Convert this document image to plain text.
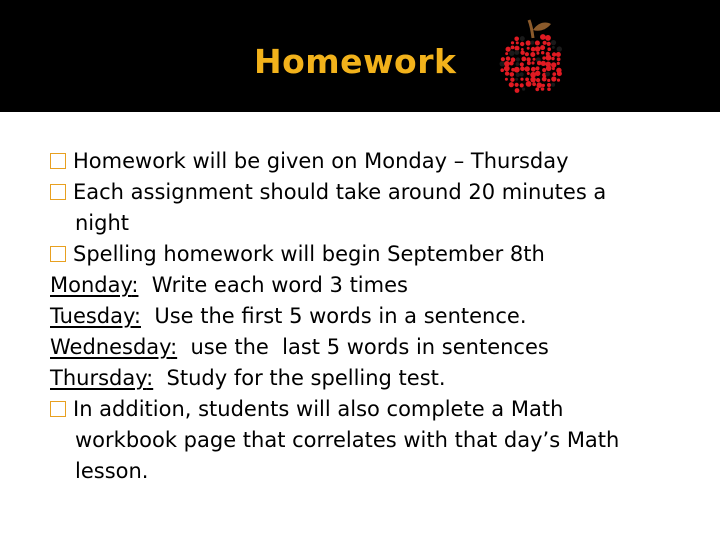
Homework
Homework will be given on Monday – Thursday
Each assignment should take around 20 minutes a
night
Spelling homework will begin September 8th
Monday:  Write each word 3 times
Tuesday:  Use the first 5 words in a sentence.
Wednesday:  use the  last 5 words in sentences
Thursday:  Study for the spelling test.
In addition, students will also complete a Math
workbook page that correlates with that day’s Math
lesson.
